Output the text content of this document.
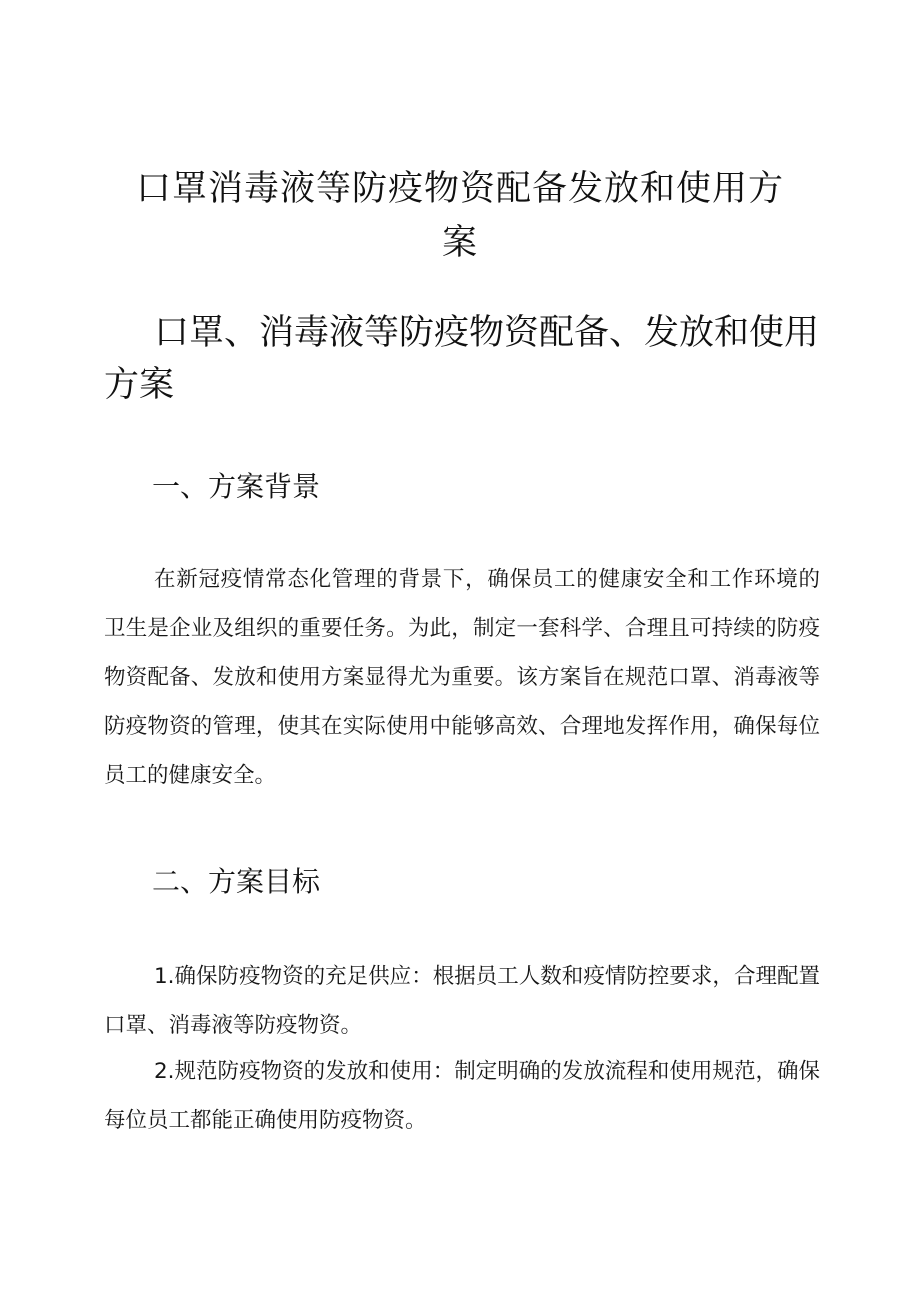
口罩消毒液等防疫物资配备发放和使用方案
口罩、消毒液等防疫物资配备、发放和使用方案
一、方案背景

在新冠疫情常态化管理的背景下，确保员工的健康安全和工作环境的卫生是企业及组织的重要任务。为此，制定一套科学、合理且可持续的防疫物资配备、发放和使用方案显得尤为重要。该方案旨在规范口罩、消毒液等防疫物资的管理，使其在实际使用中能够高效、合理地发挥作用，确保每位员工的健康安全。

二、方案目标

1.确保防疫物资的充足供应：根据员工人数和疫情防控要求，合理配置口罩、消毒液等防疫物资。

2.规范防疫物资的发放和使用：制定明确的发放流程和使用规范，确保每位员工都能正确使用防疫物资。
